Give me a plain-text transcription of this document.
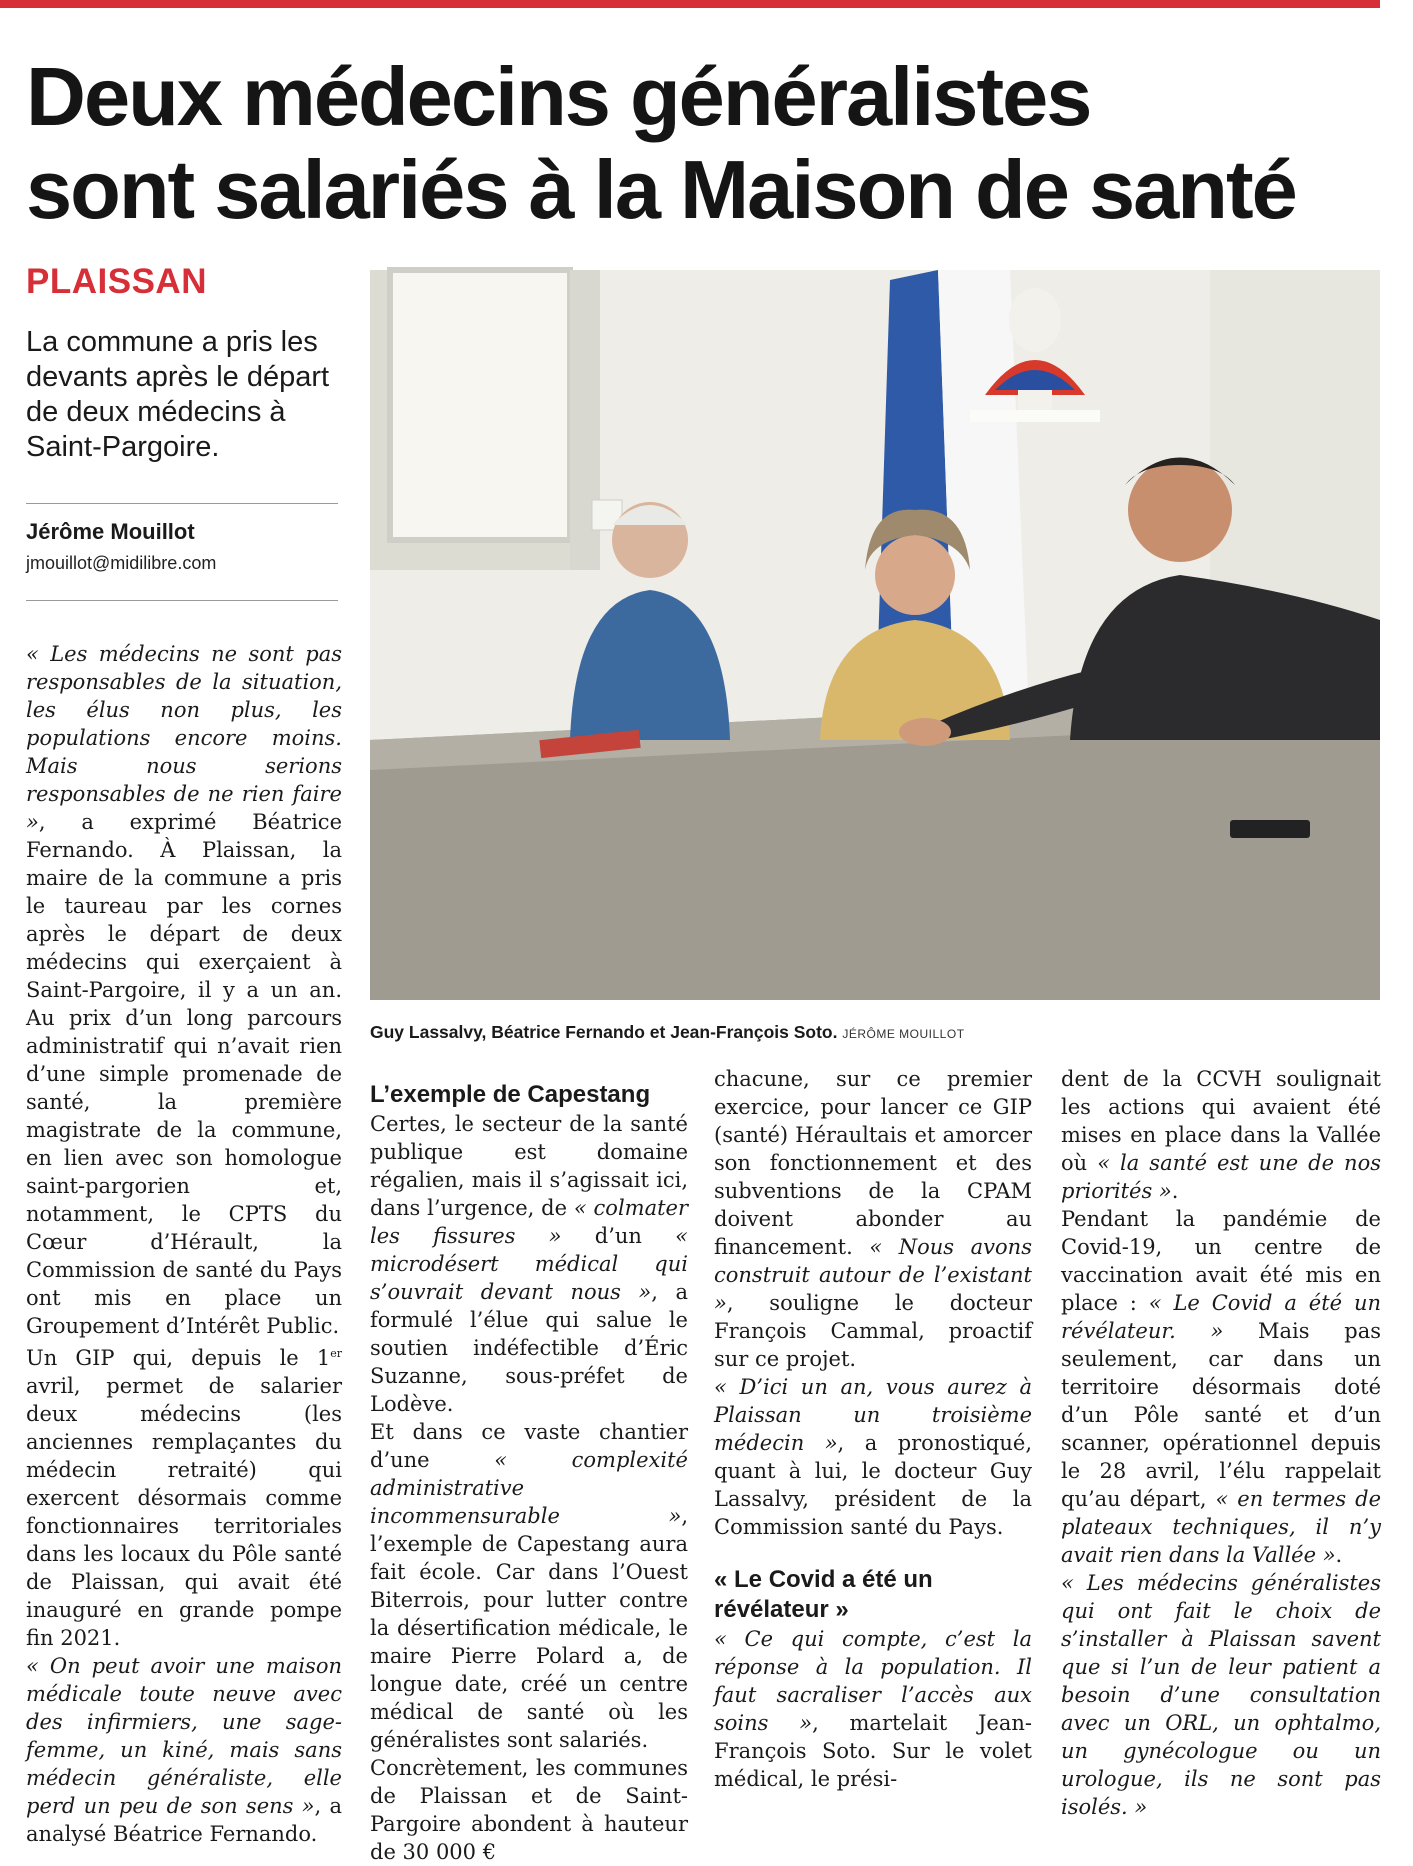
Deux médecins généralistes
sont salariés à la Maison de santé
PLAISSAN

La commune a pris les devants après le départ de deux médecins à Saint-Pargoire.

Jérôme Mouillot
jmouillot@midilibre.com

« Les médecins ne sont pas responsables de la situation, les élus non plus, les populations encore moins. Mais nous serions responsables de ne rien faire », a exprimé Béatrice Fernando. À Plaissan, la maire de la commune a pris le taureau par les cornes après le départ de deux médecins qui exerçaient à Saint-Pargoire, il y a un an. Au prix d’un long parcours administratif qui n’avait rien d’une simple promenade de santé, la première magistrate de la commune, en lien avec son homologue saint-pargorien et, notamment, le CPTS du Cœur d’Hérault, la Commission de santé du Pays ont mis en place un Groupement d’Intérêt Public.

Un GIP qui, depuis le 1er avril, permet de salarier deux médecins (les anciennes remplaçantes du médecin retraité) qui exercent désormais comme fonctionnaires territoriales dans les locaux du Pôle santé de Plaissan, qui avait été inauguré en grande pompe fin 2021.

« On peut avoir une maison médicale toute neuve avec des infirmiers, une sage-femme, un kiné, mais sans médecin généraliste, elle perd un peu de son sens », a analysé Béatrice Fernando.

Guy Lassalvy, Béatrice Fernando et Jean-François Soto. JÉRÔME MOUILLOT
L’exemple de Capestang

Certes, le secteur de la santé publique est domaine régalien, mais il s’agissait ici, dans l’urgence, de « colmater les fissures » d’un « microdésert médical qui s’ouvrait devant nous », a formulé l’élue qui salue le soutien indéfectible d’Éric Suzanne, sous-préfet de Lodève.

Et dans ce vaste chantier d’une « complexité administrative incommensurable », l’exemple de Capestang aura fait école. Car dans l’Ouest Biterrois, pour lutter contre la désertification médicale, le maire Pierre Polard a, de longue date, créé un centre médical de santé où les généralistes sont salariés.

Concrètement, les communes de Plaissan et de Saint-Pargoire abondent à hauteur de 30 000 €

chacune, sur ce premier exercice, pour lancer ce GIP (santé) Héraultais et amorcer son fonctionnement et des subventions de la CPAM doivent abonder au financement. « Nous avons construit autour de l’existant », souligne le docteur François Cammal, proactif sur ce projet.

« D’ici un an, vous aurez à Plaissan un troisième médecin », a pronostiqué, quant à lui, le docteur Guy Lassalvy, président de la Commission santé du Pays.

« Le Covid a été un révélateur »

« Ce qui compte, c’est la réponse à la population. Il faut sacraliser l’accès aux soins », martelait Jean-François Soto. Sur le volet médical, le prési-

dent de la CCVH soulignait les actions qui avaient été mises en place dans la Vallée où « la santé est une de nos priorités ».

Pendant la pandémie de Covid-19, un centre de vaccination avait été mis en place : « Le Covid a été un révélateur. » Mais pas seulement, car dans un territoire désormais doté d’un Pôle santé et d’un scanner, opérationnel depuis le 28 avril, l’élu rappelait qu’au départ, « en termes de plateaux techniques, il n’y avait rien dans la Vallée ».

« Les médecins généralistes qui ont fait le choix de s’installer à Plaissan savent que si l’un de leur patient a besoin d’une consultation avec un ORL, un ophtalmo, un gynécologue ou un urologue, ils ne sont pas isolés. »
